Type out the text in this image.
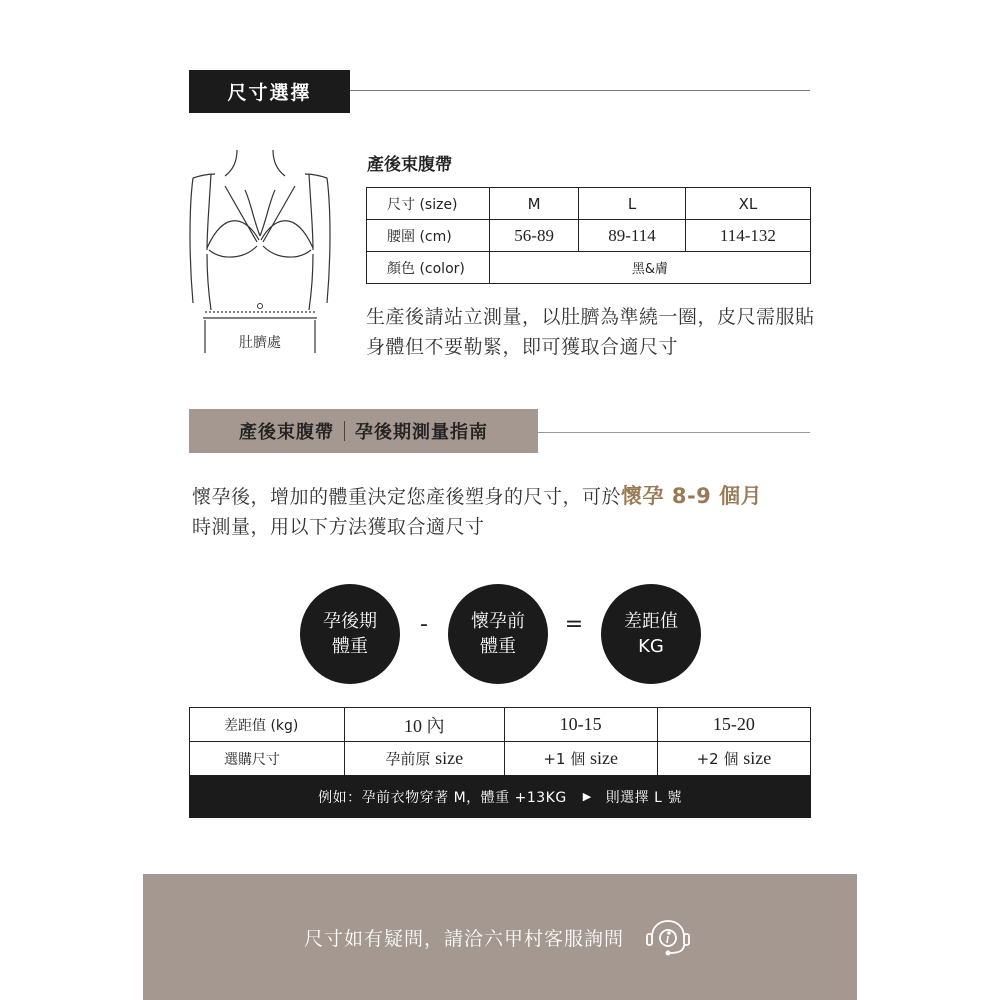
尺寸選擇
肚臍處
產後束腹帶
尺寸 (size)	M	L	XL
腰圍 (cm)	56-89	89-114	114-132
顏色 (color)	黑&膚		
生產後請站立測量，以肚臍為準繞一圈，皮尺需服貼身體但不要勒緊，即可獲取合適尺寸
產後束腹帶 孕後期測量指南
懷孕後，增加的體重決定您產後塑身的尺寸，可於懷孕 8-9 個月
時測量，用以下方法獲取合適尺寸
孕後期
體重
-	懷孕前
體重
=	差距值
KG
差距值 (kg)	10 內	10-15	15-20
選購尺寸	孕前原 size	+1 個 size	+2 個 size
例如：孕前衣物穿著 M，體重 +13KG ▶ 則選擇 L 號
尺寸如有疑問，請洽六甲村客服詢問
